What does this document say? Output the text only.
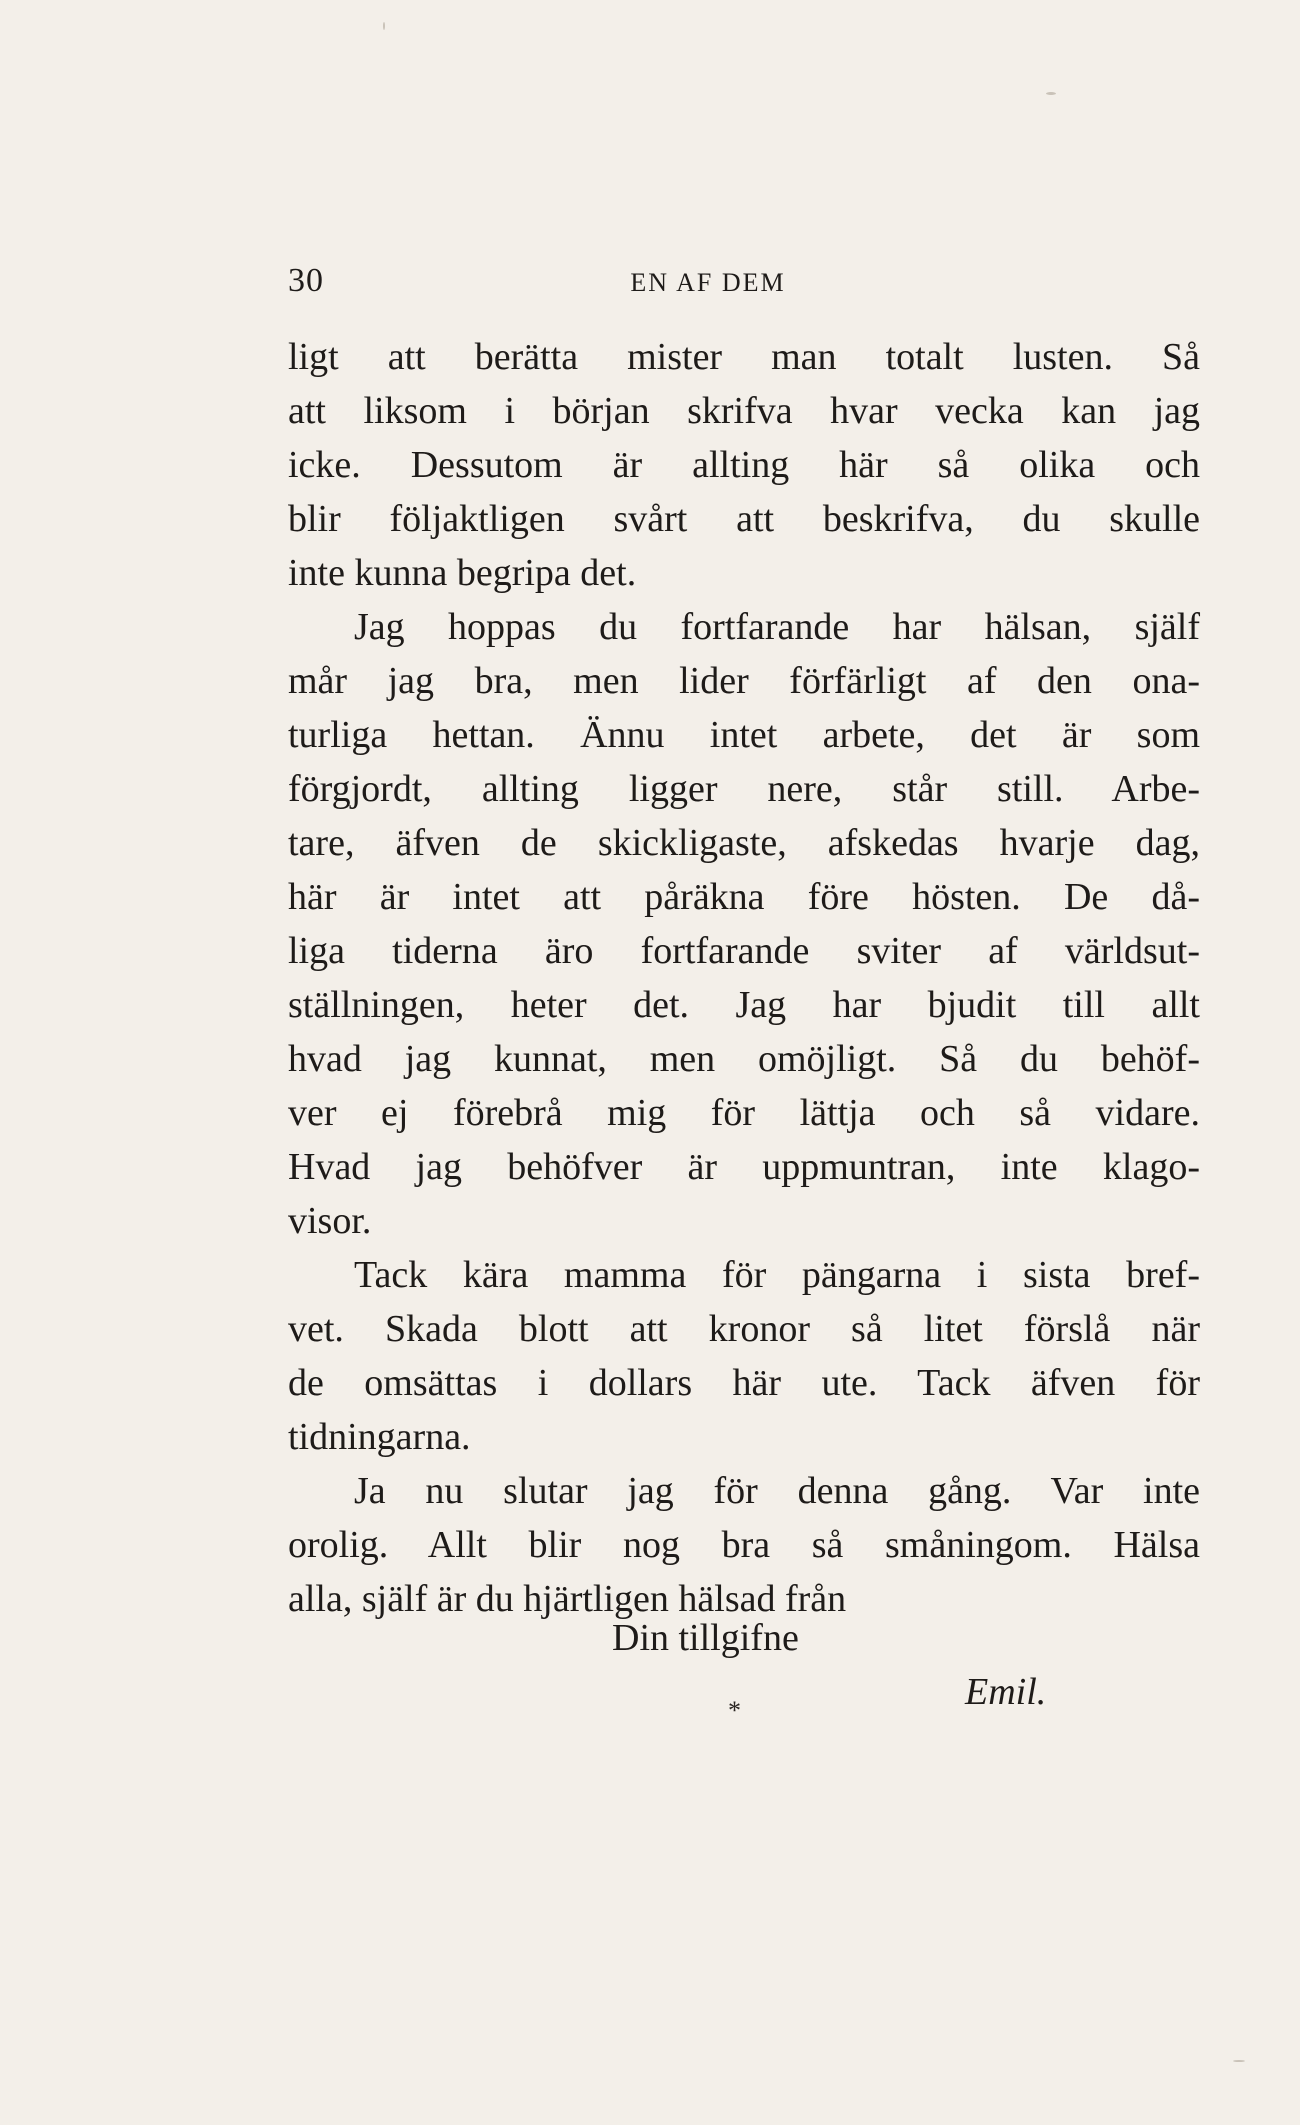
30	EN AF DEM
ligt att berätta mister man totalt lusten. Så
att liksom i början skrifva hvar vecka kan jag
icke. Dessutom är allting här så olika och
blir följaktligen svårt att beskrifva, du skulle
inte kunna begripa det.
Jag hoppas du fortfarande har hälsan, själf
mår jag bra, men lider förfärligt af den ona-
turliga hettan. Ännu intet arbete, det är som
förgjordt, allting ligger nere, står still. Arbe-
tare, äfven de skickligaste, afskedas hvarje dag,
här är intet att påräkna före hösten. De då-
liga tiderna äro fortfarande sviter af världsut-
ställningen, heter det. Jag har bjudit till allt
hvad jag kunnat, men omöjligt. Så du behöf-
ver ej förebrå mig för lättja och så vidare.
Hvad jag behöfver är uppmuntran, inte klago-
visor.
Tack kära mamma för pängarna i sista bref-
vet. Skada blott att kronor så litet förslå när
de omsättas i dollars här ute. Tack äfven för
tidningarna.
Ja nu slutar jag för denna gång. Var inte
orolig. Allt blir nog bra så småningom. Hälsa
alla, själf är du hjärtligen hälsad från
Din tillgifne
*	Emil.
